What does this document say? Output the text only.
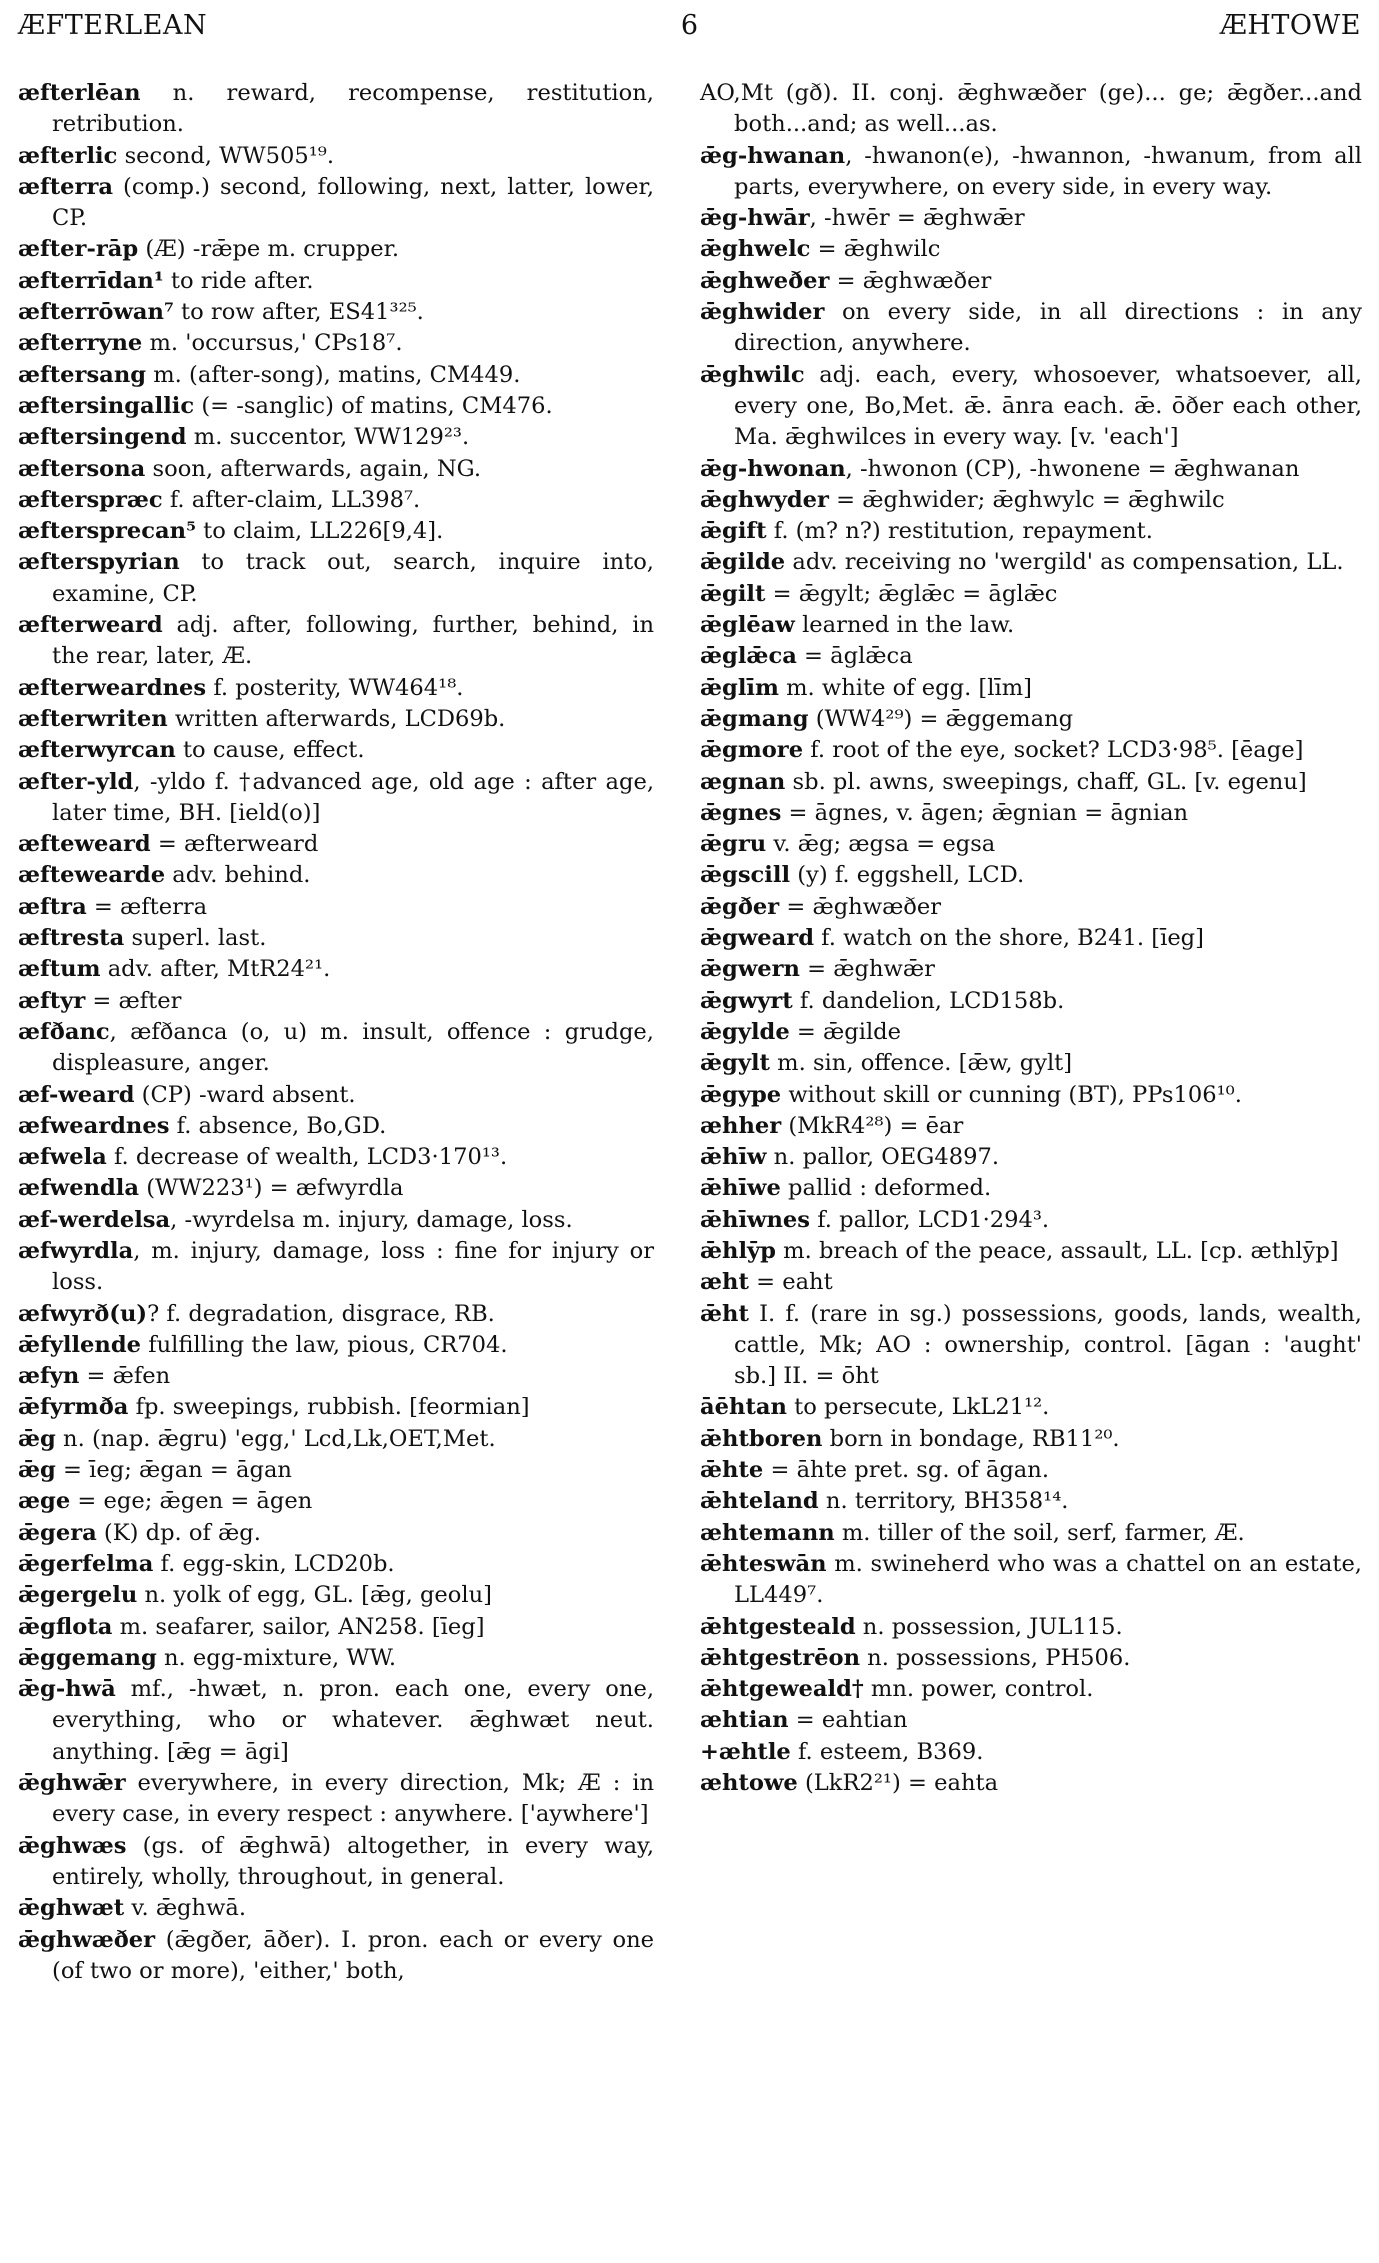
ÆFTERLEAN	6	ÆHTOWE

æfterlēan n. reward, recompense, restitution, retribution.

æfterlic second, WW505¹⁹.

æfterra (comp.) second, following, next, latter, lower, CP.

æfter-rāp (Æ) -rǣpe m. crupper.

æfterrīdan¹ to ride after.

æfterrōwan⁷ to row after, ES41³²⁵.

æfterryne m. 'occursus,' CPs18⁷.

æftersang m. (after-song), matins, CM449.

æftersingallic (= -sanglic) of matins, CM476.

æftersingend m. succentor, WW129²³.

æftersona soon, afterwards, again, NG.

æfterspræc f. after-claim, LL398⁷.

æftersprecan⁵ to claim, LL226[9,4].

æfterspyrian to track out, search, inquire into, examine, CP.

æfterweard adj. after, following, further, behind, in the rear, later, Æ.

æfterweardnes f. posterity, WW464¹⁸.

æfterwriten written afterwards, LCD69b.

æfterwyrcan to cause, effect.

æfter-yld, -yldo f. †advanced age, old age : after age, later time, BH. [ield(o)]

æfteweard = æfterweard

æftewearde adv. behind.

æftra = æfterra

æftresta superl. last.

æftum adv. after, MtR24²¹.

æftyr = æfter

æfðanc, æfðanca (o, u) m. insult, offence : grudge, displeasure, anger.

æf-weard (CP) -ward absent.

æfweardnes f. absence, Bo,GD.

æfwela f. decrease of wealth, LCD3·170¹³.

æfwendla (WW223¹) = æfwyrdla

æf-werdelsa, -wyrdelsa m. injury, damage, loss.

æfwyrdla, m. injury, damage, loss : fine for injury or loss.

æfwyrð(u)? f. degradation, disgrace, RB.

ǣfyllende fulfilling the law, pious, CR704.

æfyn = ǣfen

ǣfyrmða fp. sweepings, rubbish. [feormian]

ǣg n. (nap. ǣgru) 'egg,' Lcd,Lk,OET,Met.

ǣg = īeg; ǣgan = āgan

æge = ege; ǣgen = āgen

ǣgera (K) dp. of ǣg.

ǣgerfelma f. egg-skin, LCD20b.

ǣgergelu n. yolk of egg, GL. [ǣg, geolu]

ǣgflota m. seafarer, sailor, AN258. [īeg]

ǣggemang n. egg-mixture, WW.

ǣg-hwā mf., -hwæt, n. pron. each one, every one, everything, who or whatever. ǣghwæt neut. anything. [ǣg = āgi]

ǣghwǣr everywhere, in every direction, Mk; Æ : in every case, in every respect : anywhere. ['aywhere']

ǣghwæs (gs. of ǣghwā) altogether, in every way, entirely, wholly, throughout, in general.

ǣghwæt v. ǣghwā.

ǣghwæðer (ǣgðer, āðer). I. pron. each or every one (of two or more), 'either,' both,

AO,Mt (gð). II. conj. ǣghwæðer (ge)... ge; ǣgðer...and both...and; as well...as.

ǣg-hwanan, -hwanon(e), -hwannon, -hwanum, from all parts, everywhere, on every side, in every way.

ǣg-hwār, -hwēr = ǣghwǣr

ǣghwelc = ǣghwilc

ǣghweðer = ǣghwæðer

ǣghwider on every side, in all directions : in any direction, anywhere.

ǣghwilc adj. each, every, whosoever, whatsoever, all, every one, Bo,Met. ǣ. ānra each. ǣ. ōðer each other, Ma. ǣghwilces in every way. [v. 'each']

ǣg-hwonan, -hwonon (CP), -hwonene = ǣghwanan

ǣghwyder = ǣghwider; ǣghwylc = ǣghwilc

ǣgift f. (m? n?) restitution, repayment.

ǣgilde adv. receiving no 'wergild' as compensation, LL.

ǣgilt = ǣgylt; ǣglǣc = āglǣc

ǣglēaw learned in the law.

ǣglǣca = āglǣca

ǣglīm m. white of egg. [līm]

ǣgmang (WW4²⁹) = ǣggemang

ǣgmore f. root of the eye, socket? LCD3·98⁵. [ēage]

ægnan sb. pl. awns, sweepings, chaff, GL. [v. egenu]

ǣgnes = āgnes, v. āgen; ǣgnian = āgnian

ǣgru v. ǣg; ægsa = egsa

ǣgscill (y) f. eggshell, LCD.

ǣgðer = ǣghwæðer

ǣgweard f. watch on the shore, B241. [īeg]

ǣgwern = ǣghwǣr

ǣgwyrt f. dandelion, LCD158b.

ǣgylde = ǣgilde

ǣgylt m. sin, offence. [ǣw, gylt]

ǣgype without skill or cunning (BT), PPs106¹⁰.

æhher (MkR4²⁸) = ēar

ǣhīw n. pallor, OEG4897.

ǣhīwe pallid : deformed.

ǣhīwnes f. pallor, LCD1·294³.

ǣhlȳp m. breach of the peace, assault, LL. [cp. æthlȳp]

æht = eaht

ǣht I. f. (rare in sg.) possessions, goods, lands, wealth, cattle, Mk; AO : ownership, control. [āgan : 'aught' sb.] II. = ōht

āēhtan to persecute, LkL21¹².

ǣhtboren born in bondage, RB11²⁰.

ǣhte = āhte pret. sg. of āgan.

ǣhteland n. territory, BH358¹⁴.

æhtemann m. tiller of the soil, serf, farmer, Æ.

ǣhteswān m. swineherd who was a chattel on an estate, LL449⁷.

ǣhtgesteald n. possession, JUL115.

ǣhtgestrēon n. possessions, PH506.

ǣhtgeweald† mn. power, control.

æhtian = eahtian

+æhtle f. esteem, B369.

æhtowe (LkR2²¹) = eahta
